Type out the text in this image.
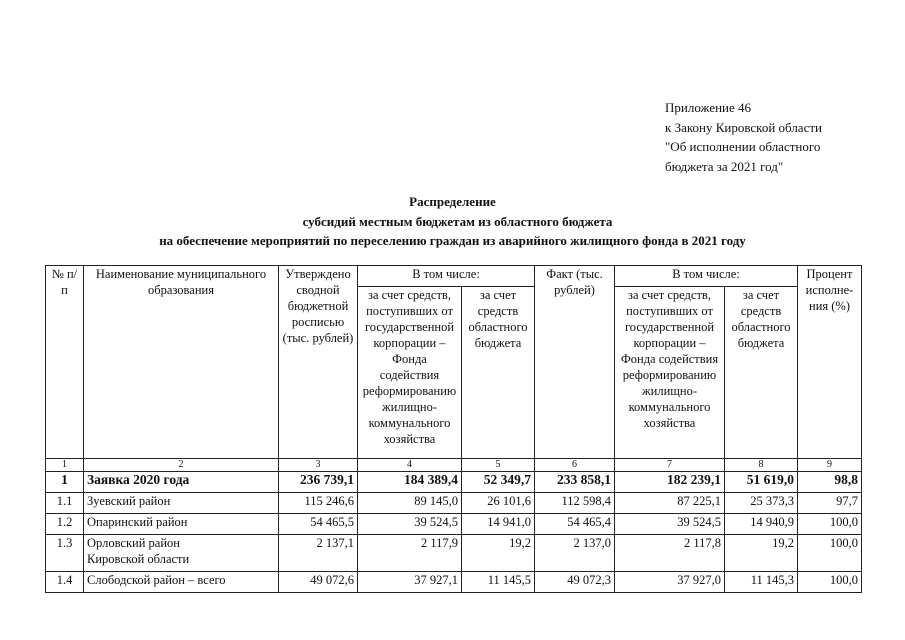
Приложение 46
к Закону Кировской области
"Об исполнении областного
бюджета за 2021 год"
Распределение
субсидий местным бюджетам из областного бюджета
на обеспечение мероприятий по переселению граждан из аварийного жилищного фонда в 2021 году
№ п/п	Наименование муниципального образования	Утверждено сводной бюджетной росписью (тыс. рублей)	В том числе:		Факт (тыс. рублей)	В том числе:		Процент исполне-ния (%)
			за счет средств, поступивших от государственной корпорации – Фонда содействия реформированию жилищно-коммунального хозяйства	за счет средств областного бюджета		за счет средств, поступивших от государственной корпорации – Фонда содействия реформированию жилищно-коммунального хозяйства	за счет средств областного бюджета	
1	2	3	4	5	6	7	8	9
1	Заявка 2020 года	236 739,1	184 389,4	52 349,7	233 858,1	182 239,1	51 619,0	98,8
1.1	Зуевский район	115 246,6	89 145,0	26 101,6	112 598,4	87 225,1	25 373,3	97,7
1.2	Опаринский район	54 465,5	39 524,5	14 941,0	54 465,4	39 524,5	14 940,9	100,0
1.3	Орловский район Кировской области	2 137,1	2 117,9	19,2	2 137,0	2 117,8	19,2	100,0
1.4	Слободской район – всего	49 072,6	37 927,1	11 145,5	49 072,3	37 927,0	11 145,3	100,0
